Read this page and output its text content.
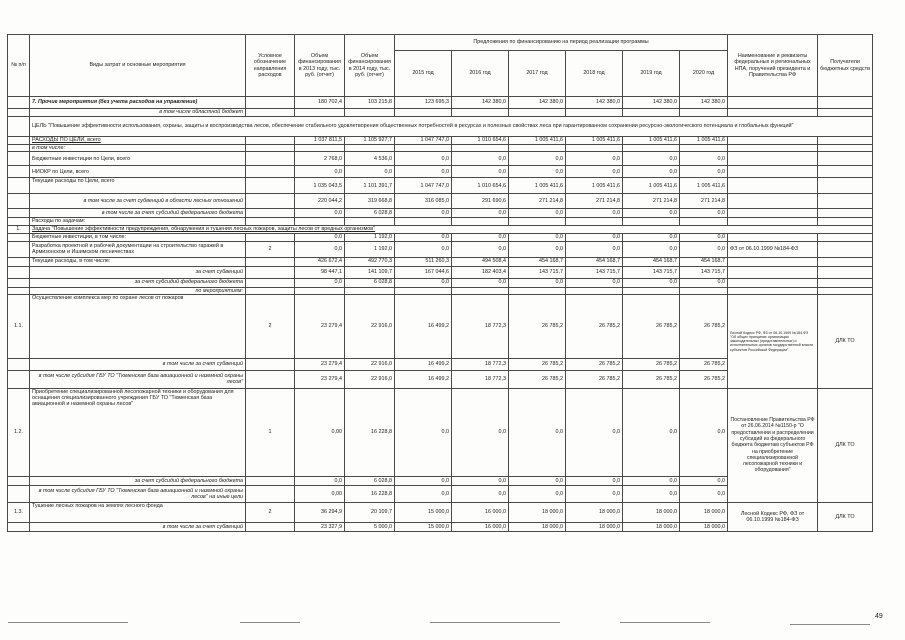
№ п/п	Виды затрат и основные мероприятия	Условное обозначение направления расходов	Объем финансирования в 2013 году, тыс. руб. (отчет)	Объем финансирования в 2014 году, тыс. руб. (отчет)	Предложения по финансированию на период реализации программы						Наименование и реквизиты федеральных и региональных НПА, поручений президента и Правительства РФ	Получатели бюджетных средств
					2015 год	2016 год	2017 год	2018 год	2019 год	2020 год		
	7. Прочие мероприятия (без учета расходов на управление)		180 702,4	103 215,8	123 695,3	142 380,0	142 380,0	142 380,0	142 380,0	142 380,0		
	в том числе областной бюджет											
	ЦЕЛЬ "Повышение эффективности использования, охраны, защиты и воспроизводства лесов, обеспечение стабильного удовлетворения общественных потребностей в ресурсах и полезных свойствах леса при гарантированном сохранении ресурсно-экологического потенциала и глобальных функций"											
	РАСХОДЫ ПО ЦЕЛИ, всего		1 037 811,5	1 105 927,7	1 047 747,0	1 010 654,6	1 005 411,6	1 005 411,6	1 005 411,6	1 005 411,6		
	в том числе:											
	Бюджетные инвестиции по Цели, всего		2 768,0	4 536,0	0,0	0,0	0,0	0,0	0,0	0,0		
	НИОКР по Цели, всего		0,0	0,0	0,0	0,0	0,0	0,0	0,0	0,0		
	Текущие расходы по Цели, всего		1 035 043,5	1 101 391,7	1 047 747,0	1 010 654,6	1 005 411,6	1 005 411,6	1 005 411,6	1 005 411,6		
	в том числе за счет субвенций в области лесных отношений		220 044,2	319 668,8	316 085,0	291 690,6	271 214,8	271 214,8	271 214,8	271 214,8		
	в том числе за счет субсидий федерального бюджета		0,0	6 028,8	0,0	0,0	0,0	0,0	0,0	0,0		
	Расходы по задачам:											
1.	Задача "Повышение эффективности предупреждения, обнаружения и тушения лесных пожаров, защиты лесов от вредных организмов"											
	Бюджетные инвестиции, в том числе:		0,0	1 192,0	0,0	0,0	0,0	0,0	0,0	0,0		
	Разработка проектной и рабочей документации на строительство гаражей в Армизонском и Ишимском лесничествах	2	0,0	1 192,0	0,0	0,0	0,0	0,0	0,0	0,0	ФЗ от 06.10.1999 №184-ФЗ	
	Текущие расходы, в том числе:		426 672,4	492 770,3	511 260,3	494 508,4	454 168,7	454 168,7	454 168,7	454 168,7		
	за счет субвенций		98 447,1	141 109,7	167 044,6	182 403,4	143 715,7	143 715,7	143 715,7	143 715,7		
	за счет субсидий федерального бюджета		0,0	6 028,8	0,0	0,0	0,0	0,0	0,0	0,0		
	по мероприятиям:											
1.1.	Осуществление комплекса мер по охране лесов от пожаров	2	23 279,4	22 916,0	16 499,2	18 772,3	26 785,2	26 785,2	26 785,2	26 785,2	Лесной Кодекс РФ, ФЗ от 06.10.1999 №184-ФЗ "Об общих принципах организации законодательных (представительных) и исполнительных органов государственной власти субъектов Российской Федерации"	ДЛК ТО
	в том числе за счет субвенций		23 279,4	22 916,0	16 499,2	18 772,3	26 785,2	26 785,2	26 785,2	26 785,2		
	в том числе субсидия ГБУ ТО "Тюменская база авиационной и наземной охраны лесов"		23 279,4	22 916,0	16 499,2	18 772,3	26 785,2	26 785,2	26 785,2	26 785,2		
1.2.	Приобретение специализированной лесопожарной техники и оборудования для оснащения специализированного учреждения ГБУ ТО "Тюменская база авиационной и наземной охраны лесов"	1	0,00	16 228,8	0,0	0,0	0,0	0,0	0,0	0,0	Постановление Правительства РФ от 26.06.2014 №1150-р "О предоставлении и распределении субсидий из федерального бюджета бюджетам субъектов РФ на приобретение специализированной лесопожарной техники и оборудования"	ДЛК ТО
	за счет субсидий федерального бюджета		0,0	6 028,8	0,0	0,0	0,0	0,0	0,0	0,0		
	в том числе субсидия ГБУ ТО "Тюменская база авиационной и наземной охраны лесов" на иные цели		0,00	16 228,8	0,0	0,0	0,0	0,0	0,0	0,0		
1.3.	Тушение лесных пожаров на землях лесного фонда	2	36 294,9	20 109,7	15 000,0	16 000,0	18 000,0	18 000,0	18 000,0	18 000,0	Лесной Кодекс РФ, ФЗ от 06.10.1999 №184-ФЗ	ДЛК ТО
	в том числе за счет субвенций		23 327,9	5 000,0	15 000,0	16 000,0	18 000,0	18 000,0	18 000,0	18 000,0		
49
